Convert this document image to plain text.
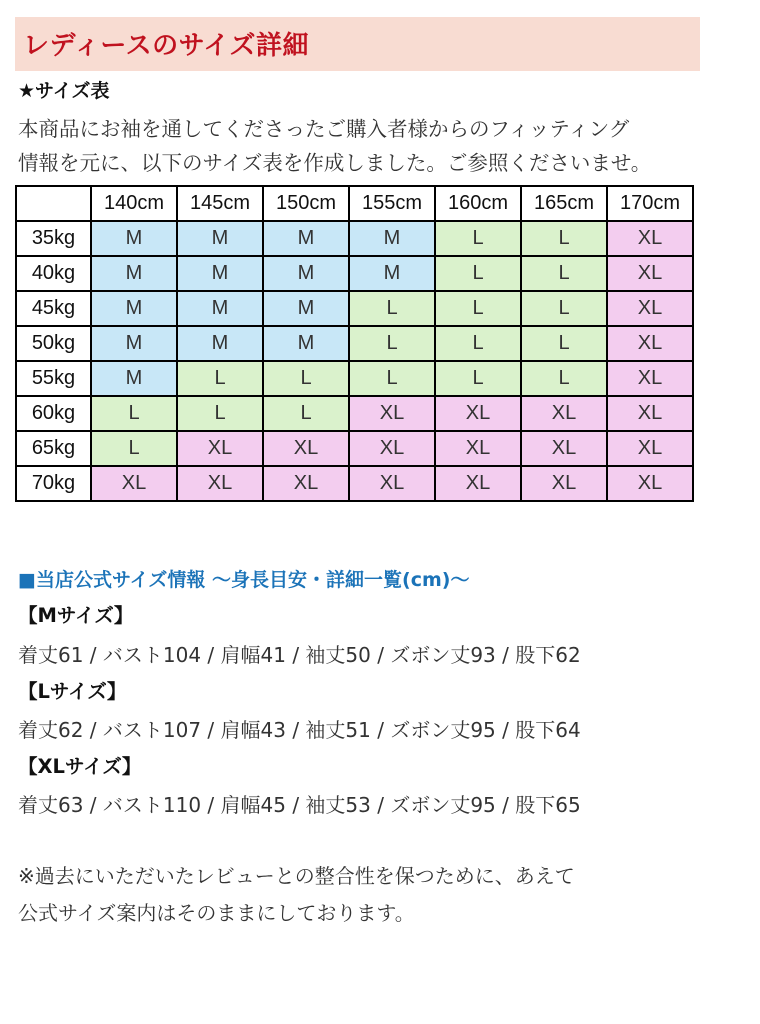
レディースのサイズ詳細
★サイズ表
本商品にお袖を通してくださったご購入者様からのフィッティング
情報を元に、以下のサイズ表を作成しました。ご参照くださいませ。
	140cm	145cm	150cm	155cm	160cm	165cm	170cm
35kg	M	M	M	M	L	L	XL
40kg	M	M	M	M	L	L	XL
45kg	M	M	M	L	L	L	XL
50kg	M	M	M	L	L	L	XL
55kg	M	L	L	L	L	L	XL
60kg	L	L	L	XL	XL	XL	XL
65kg	L	XL	XL	XL	XL	XL	XL
70kg	XL	XL	XL	XL	XL	XL	XL
■当店公式サイズ情報 ～身長目安・詳細一覧(cm)～
【Mサイズ】
着丈61 / バスト104 / 肩幅41 / 袖丈50 / ズボン丈93 / 股下62
【Lサイズ】
着丈62 / バスト107 / 肩幅43 / 袖丈51 / ズボン丈95 / 股下64
【XLサイズ】
着丈63 / バスト110 / 肩幅45 / 袖丈53 / ズボン丈95 / 股下65
※過去にいただいたレビューとの整合性を保つために、あえて
公式サイズ案内はそのままにしております。
